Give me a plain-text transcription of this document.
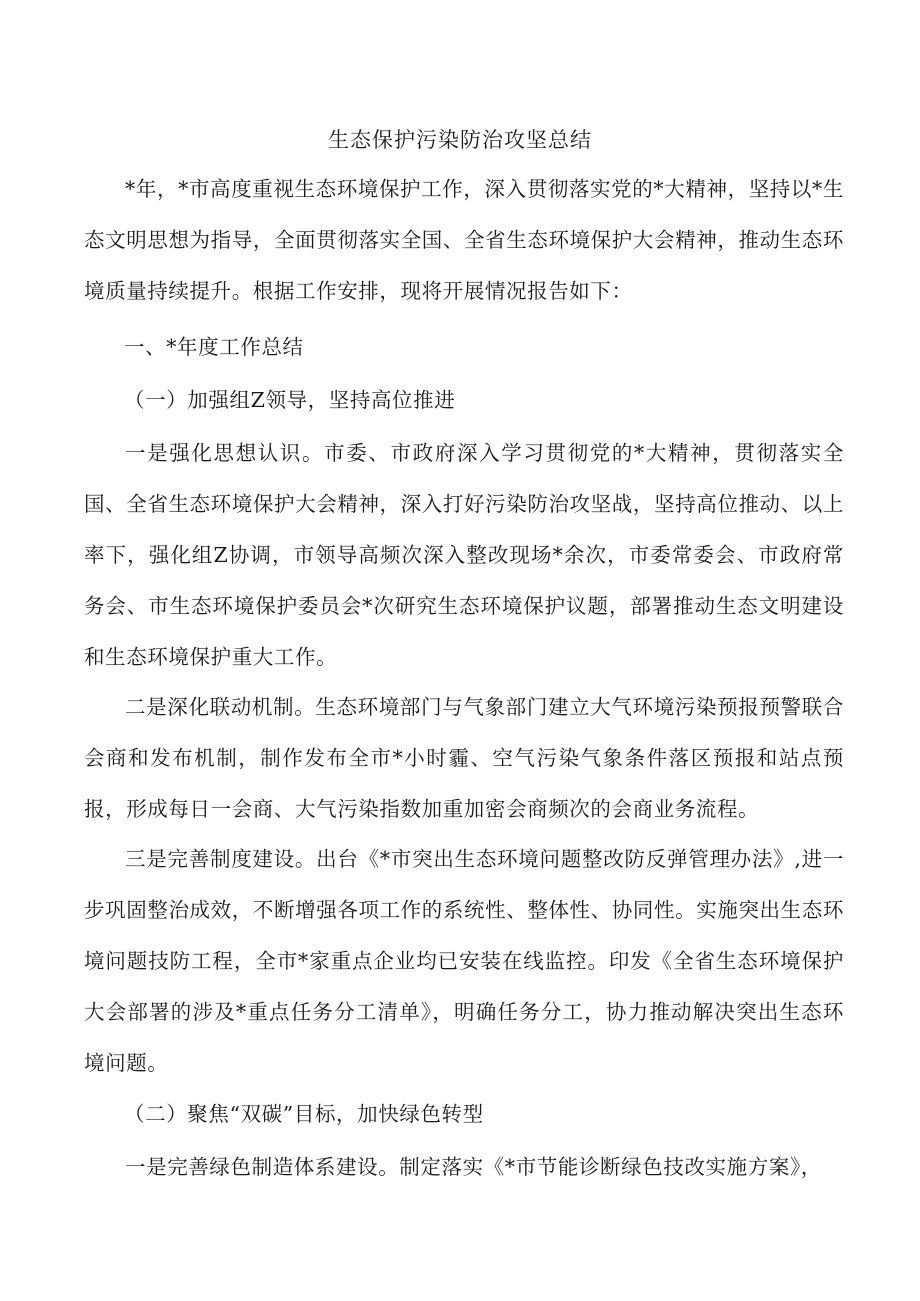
生态保护污染防治攻坚总结
*年，*市高度重视生态环境保护工作，深入贯彻落实党的*大精神，坚持以*生态文明思想为指导，全面贯彻落实全国、全省生态环境保护大会精神，推动生态环境质量持续提升。根据工作安排，现将开展情况报告如下：
一、*年度工作总结
（一）加强组Z领导，坚持高位推进
一是强化思想认识。市委、市政府深入学习贯彻党的*大精神，贯彻落实全国、全省生态环境保护大会精神，深入打好污染防治攻坚战，坚持高位推动、以上率下，强化组Z协调，市领导高频次深入整改现场*余次，市委常委会、市政府常务会、市生态环境保护委员会*次研究生态环境保护议题，部署推动生态文明建设和生态环境保护重大工作。
二是深化联动机制。生态环境部门与气象部门建立大气环境污染预报预警联合会商和发布机制，制作发布全市*小时霾、空气污染气象条件落区预报和站点预报，形成每日一会商、大气污染指数加重加密会商频次的会商业务流程。
三是完善制度建设。出台《*市突出生态环境问题整改防反弹管理办法》,进一步巩固整治成效，不断增强各项工作的系统性、整体性、协同性。实施突出生态环境问题技防工程，全市*家重点企业均已安装在线监控。印发《全省生态环境保护大会部署的涉及*重点任务分工清单》，明确任务分工，协力推动解决突出生态环境问题。
（二）聚焦“双碳”目标，加快绿色转型
一是完善绿色制造体系建设。制定落实《*市节能诊断绿色技改实施方案》，
